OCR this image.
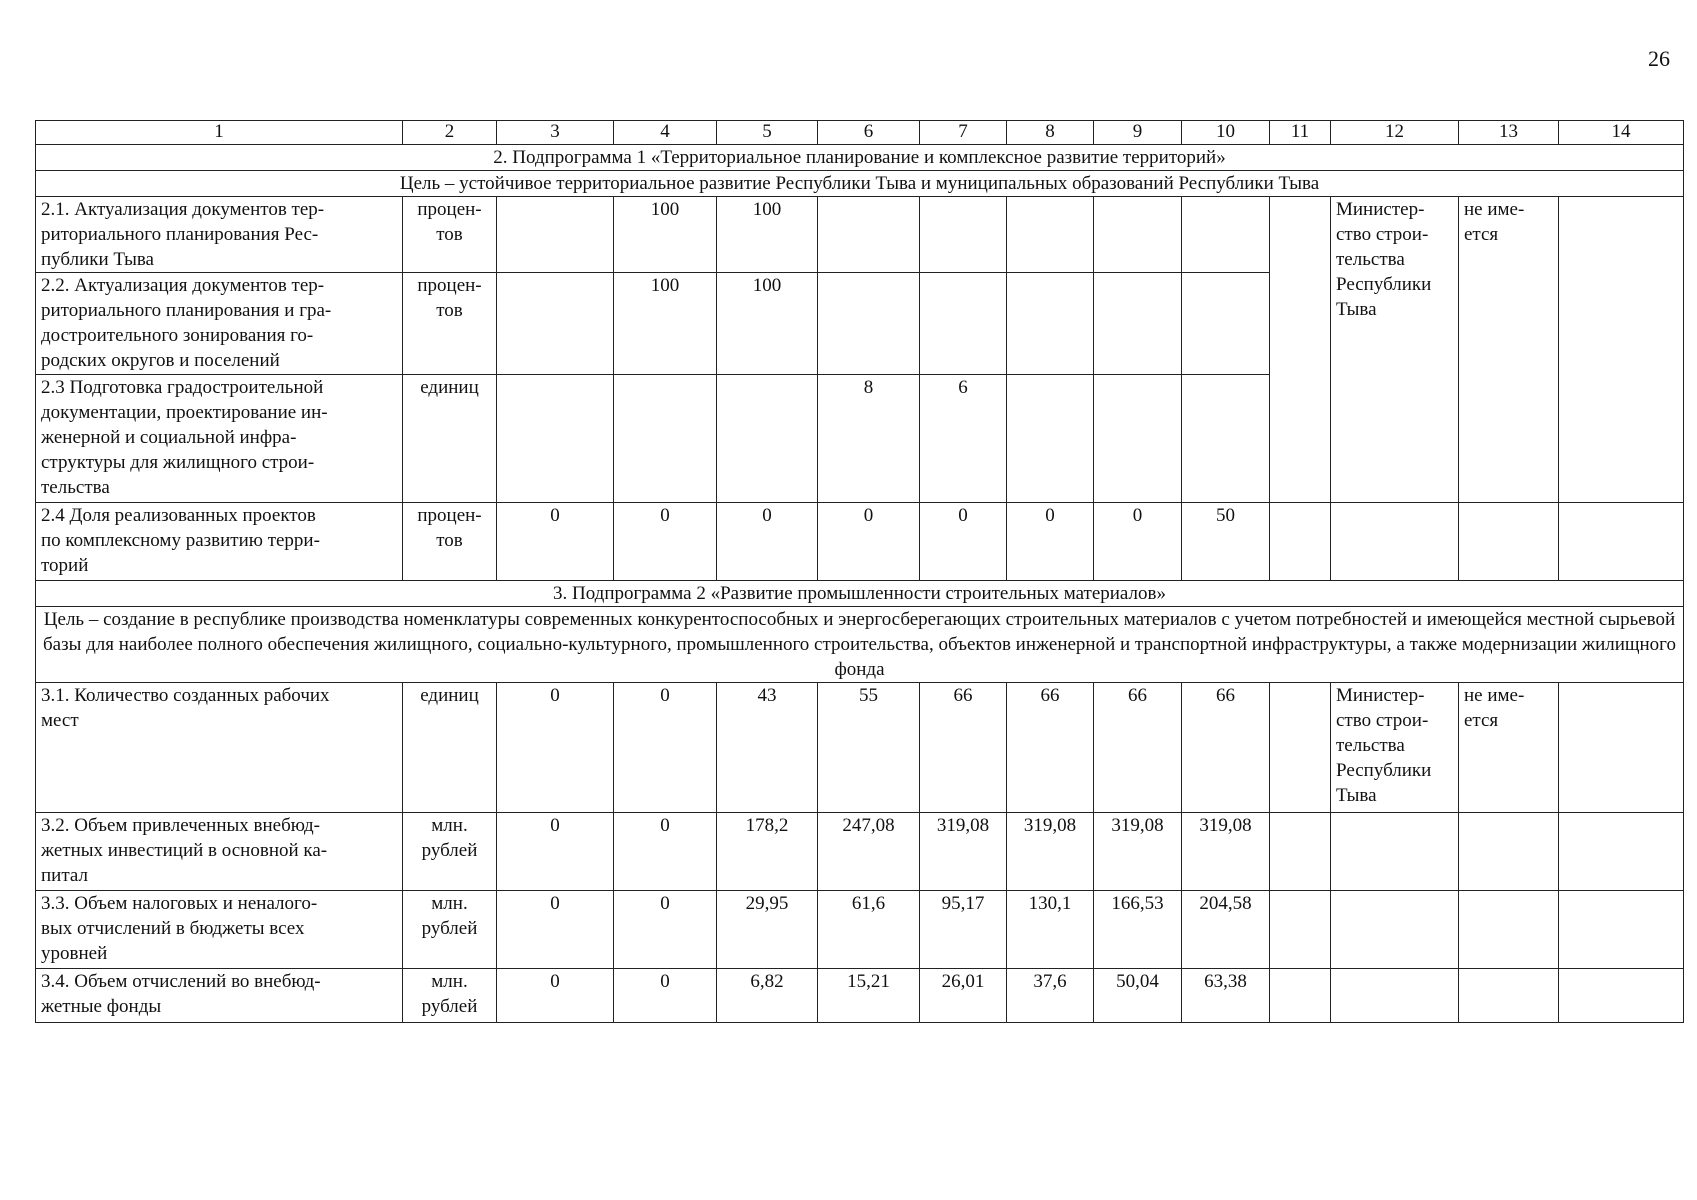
26
1	2	3	4	5	6	7	8	9	10	11	12	13	14
2. Подпрограмма 1 «Территориальное планирование и комплексное развитие территорий»													
Цель – устойчивое территориальное развитие Республики Тыва и муниципальных образований Республики Тыва													
2.1. Актуализация документов тер-
риториального планирования Рес-
публики Тыва	процен-
тов		100	100							Министер-
ство строи-
тельства
Республики
Тыва	не име-
ется	
2.2. Актуализация документов тер-
риториального планирования и гра-
достроительного зонирования го-
родских округов и поселений	процен-
тов		100	100									
2.3 Подготовка градостроительной
документации, проектирование ин-
женерной и социальной инфра-
структуры для жилищного строи-
тельства	единиц				8	6							
2.4 Доля реализованных проектов
по комплексному развитию терри-
торий	процен-
тов	0	0	0	0	0	0	0	50				
3. Подпрограмма 2 «Развитие промышленности строительных материалов»													
Цель – создание в республике производства номенклатуры современных конкурентоспособных и энергосберегающих строительных материалов с учетом потребностей и имеющейся местной сырьевой базы для наиболее полного обеспечения жилищного, социально-культурного, промышленного строительства, объектов инженерной и транспортной инфраструктуры, а также модернизации жилищного фонда													
3.1. Количество созданных рабочих
мест	единиц	0	0	43	55	66	66	66	66		Министер-
ство строи-
тельства
Республики
Тыва	не име-
ется	
3.2. Объем привлеченных внебюд-
жетных инвестиций в основной ка-
питал	млн.
рублей	0	0	178,2	247,08	319,08	319,08	319,08	319,08				
3.3. Объем налоговых и неналого-
вых отчислений в бюджеты всех
уровней	млн.
рублей	0	0	29,95	61,6	95,17	130,1	166,53	204,58				
3.4. Объем отчислений во внебюд-
жетные фонды	млн.
рублей	0	0	6,82	15,21	26,01	37,6	50,04	63,38				
